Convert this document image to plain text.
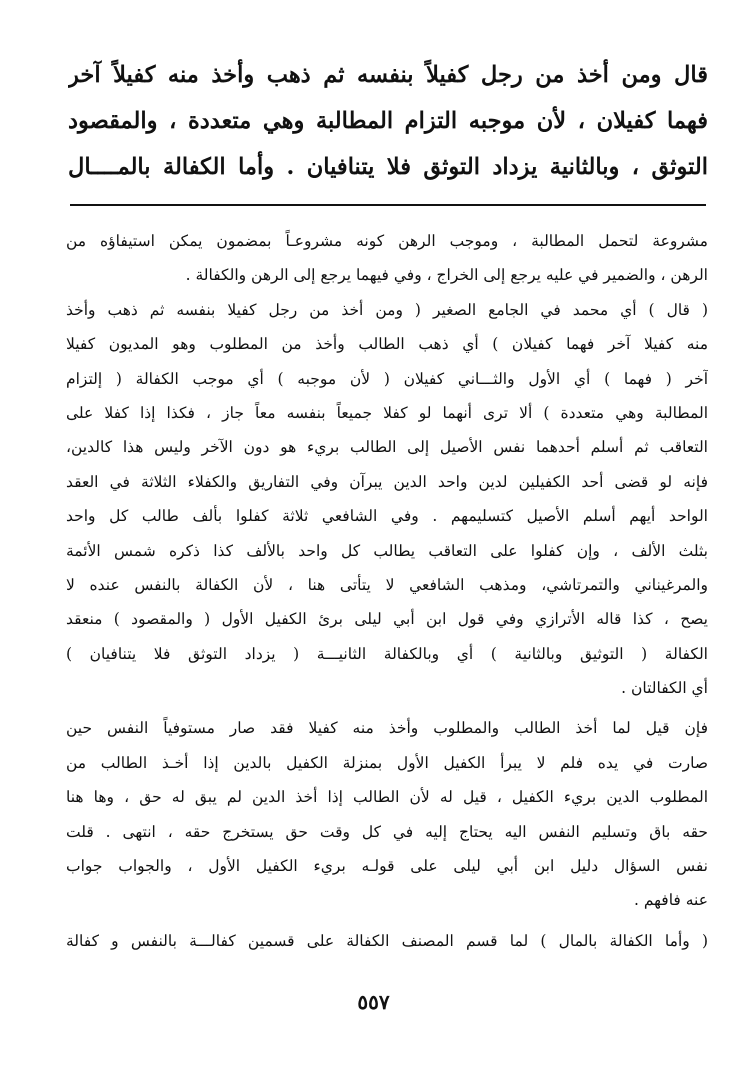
قال ومن أخذ من رجل كفيلاً بنفسه ثم ذهب وأخذ منه كفيلاً آخر
فهما كفيلان ، لأن موجبه التزام المطالبة وهي متعددة ، والمقصود
التوثق ، وبالثانية يزداد التوثق فلا يتنافيان . وأما الكفالة بالمــــال
مشروعة لتحمل المطالبة ، وموجب الرهن كونه مشروعـاً بمضمون يمكن استيفاؤه من
الرهن ، والضمير في عليه يرجع إلى الخراج ، وفي فيهما يرجع إلى الرهن والكفالة .
( قال ) أي محمد في الجامع الصغير ( ومن أخذ من رجل كفيلا بنفسه ثم ذهب وأخذ
منه كفيلا آخر فهما كفيلان ) أي ذهب الطالب وأخذ من المطلوب وهو المديون كفيلا
آخر ( فهما ) أي الأول والثـــاني كفيلان ( لأن موجبه ) أي موجب الكفالة ( إلتزام
المطالبة وهي متعددة ) ألا ترى أنهما لو كفلا جميعاً بنفسه معاً جاز ، فكذا إذا كفلا على
التعاقب ثم أسلم أحدهما نفس الأصيل إلى الطالب بريء هو دون الآخر وليس هذا كالدين،
فإنه لو قضى أحد الكفيلين لدين واحد الدين يبرآن وفي التفاريق والكفلاء الثلاثة في العقد
الواحد أيهم أسلم الأصيل كتسليمهم . وفي الشافعي ثلاثة كفلوا بألف طالب كل واحد
بثلث الألف ، وإن كفلوا على التعاقب يطالب كل واحد بالألف كذا ذكره شمس الأئمة
والمرغيناني والتمرتاشي، ومذهب الشافعي لا يتأتى هنا ، لأن الكفالة بالنفس عنده لا
يصح ، كذا قاله الأترازي وفي قول ابن أبي ليلى برئ الكفيل الأول ( والمقصود ) منعقد
الكفالة ( التوثيق وبالثانية ) أي وبالكفالة الثانيـــة ( يزداد التوثق فلا يتنافيان )
أي الكفالتان .
فإن قيل لما أخذ الطالب والمطلوب وأخذ منه كفيلا فقد صار مستوفياً النفس حين
صارت في يده فلم لا يبرأ الكفيل الأول بمنزلة الكفيل بالدين إذا أخـذ الطالب من
المطلوب الدين بريء الكفيل ، قيل له لأن الطالب إذا أخذ الدين لم يبق له حق ، وها هنا
حقه باق وتسليم النفس اليه يحتاج إليه في كل وقت حق يستخرج حقه ، انتهى . قلت
نفس السؤال دليل ابن أبي ليلى على قولـه بريء الكفيل الأول ، والجواب جواب
عنه فافهم .
( وأما الكفالة بالمال ) لما قسم المصنف الكفالة على قسمين كفالـــة بالنفس و كفالة
٥٥٧
